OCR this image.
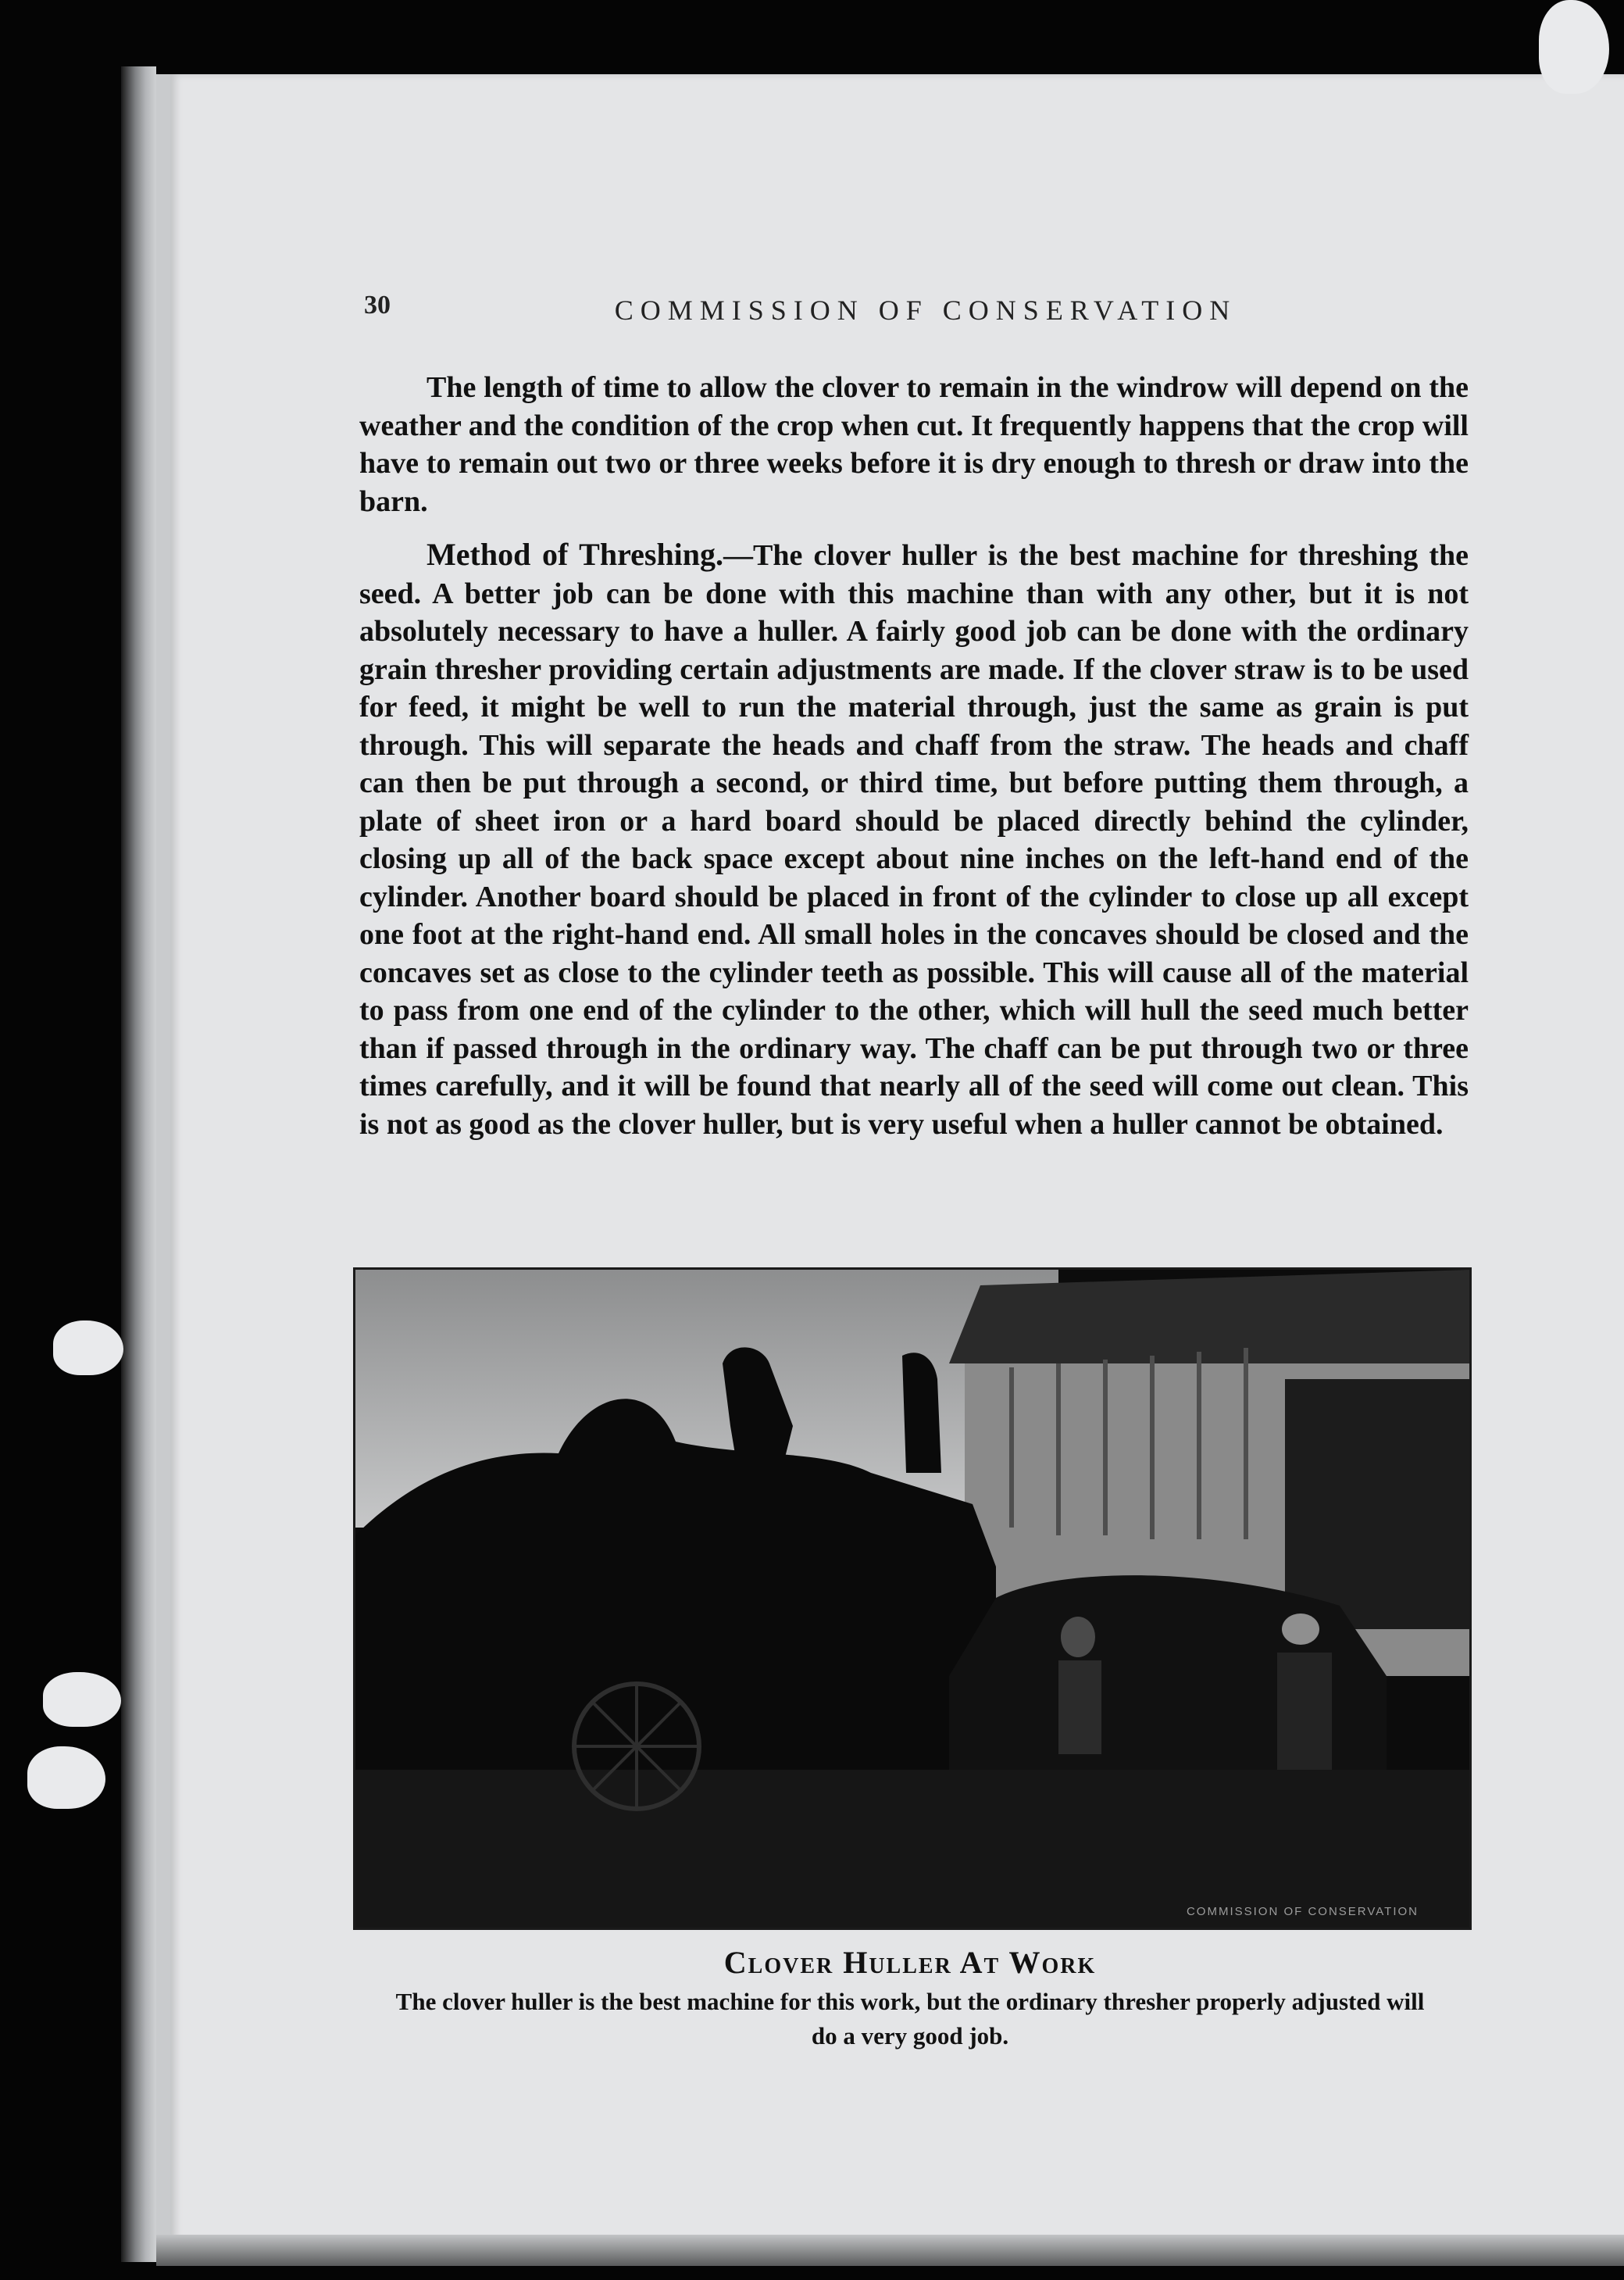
30	COMMISSION OF CONSERVATION

The length of time to allow the clover to remain in the windrow will depend on the weather and the condition of the crop when cut. It frequently happens that the crop will have to remain out two or three weeks before it is dry enough to thresh or draw into the barn.

Method of Threshing.—The clover huller is the best machine for threshing the seed. A better job can be done with this machine than with any other, but it is not absolutely necessary to have a huller. A fairly good job can be done with the ordinary grain thresher providing certain adjustments are made. If the clover straw is to be used for feed, it might be well to run the material through, just the same as grain is put through. This will separate the heads and chaff from the straw. The heads and chaff can then be put through a second, or third time, but before putting them through, a plate of sheet iron or a hard board should be placed directly behind the cylinder, closing up all of the back space except about nine inches on the left-hand end of the cylinder. Another board should be placed in front of the cylinder to close up all except one foot at the right-hand end. All small holes in the concaves should be closed and the concaves set as close to the cylinder teeth as possible. This will cause all of the material to pass from one end of the cylinder to the other, which will hull the seed much better than if passed through in the ordinary way. The chaff can be put through two or three times carefully, and it will be found that nearly all of the seed will come out clean. This is not as good as the clover huller, but is very useful when a huller cannot be obtained.

COMMISSION OF CONSERVATION
Clover Huller At Work
The clover huller is the best machine for this work, but the ordinary thresher properly adjusted will do a very good job.
